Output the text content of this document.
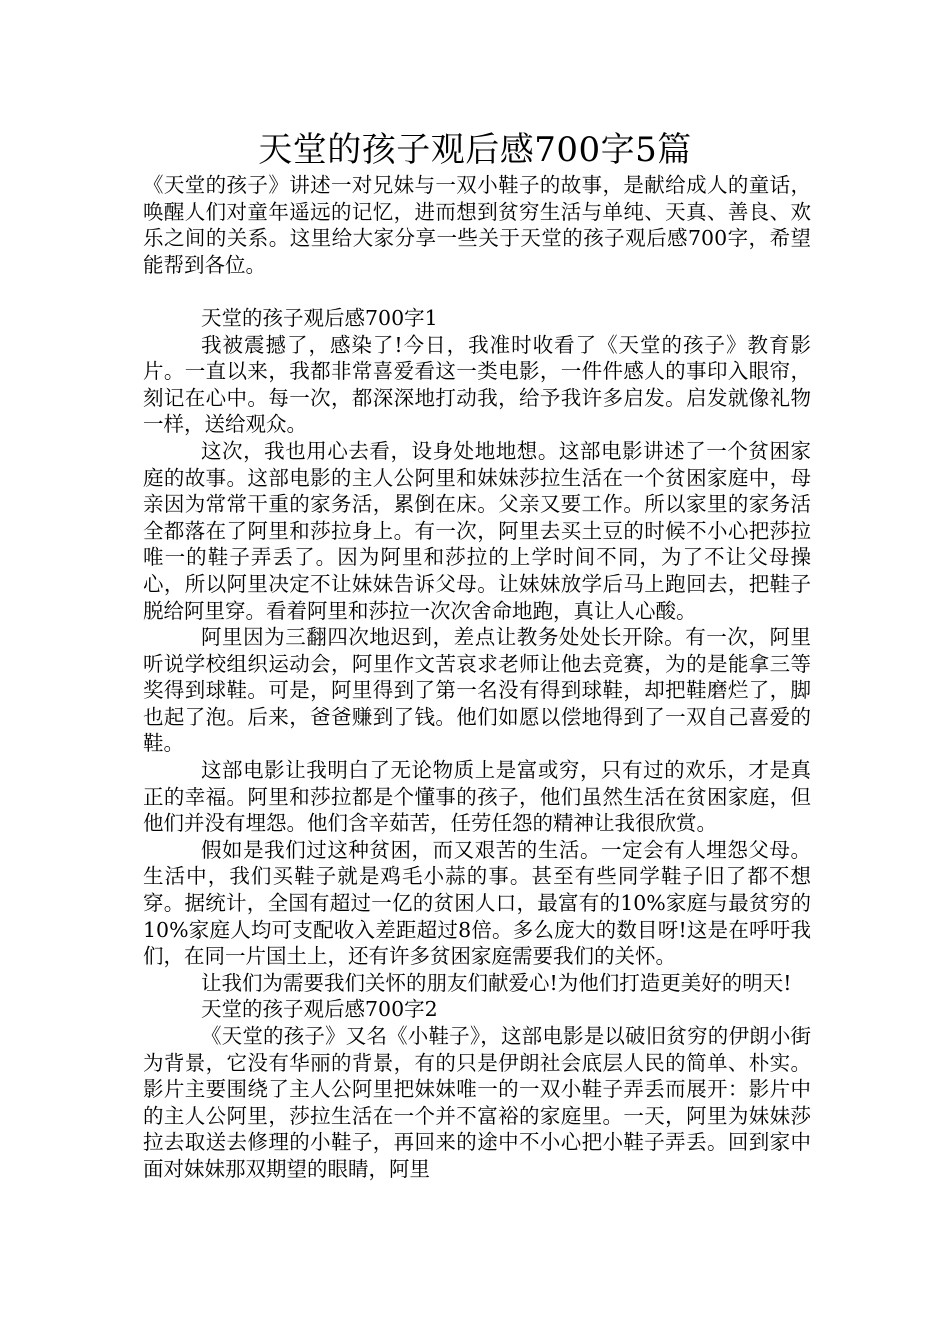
天堂的孩子观后感700字5篇

《天堂的孩子》讲述一对兄妹与一双小鞋子的故事，是献给成人的童话，唤醒人们对童年遥远的记忆，进而想到贫穷生活与单纯、天真、善良、欢乐之间的关系。这里给大家分享一些关于天堂的孩子观后感700字，希望能帮到各位。

天堂的孩子观后感700字1

我被震撼了，感染了!今日，我准时收看了《天堂的孩子》教育影片。一直以来，我都非常喜爱看这一类电影，一件件感人的事印入眼帘，刻记在心中。每一次，都深深地打动我，给予我许多启发。启发就像礼物一样，送给观众。

这次，我也用心去看，设身处地地想。这部电影讲述了一个贫困家庭的故事。这部电影的主人公阿里和妹妹莎拉生活在一个贫困家庭中，母亲因为常常干重的家务活，累倒在床。父亲又要工作。所以家里的家务活全都落在了阿里和莎拉身上。有一次，阿里去买土豆的时候不小心把莎拉唯一的鞋子弄丢了。因为阿里和莎拉的上学时间不同，为了不让父母操心，所以阿里决定不让妹妹告诉父母。让妹妹放学后马上跑回去，把鞋子脱给阿里穿。看着阿里和莎拉一次次舍命地跑，真让人心酸。

阿里因为三翻四次地迟到，差点让教务处处长开除。有一次，阿里听说学校组织运动会，阿里作文苦哀求老师让他去竞赛，为的是能拿三等奖得到球鞋。可是，阿里得到了第一名没有得到球鞋，却把鞋磨烂了，脚也起了泡。后来，爸爸赚到了钱。他们如愿以偿地得到了一双自己喜爱的鞋。

这部电影让我明白了无论物质上是富或穷，只有过的欢乐，才是真正的幸福。阿里和莎拉都是个懂事的孩子，他们虽然生活在贫困家庭，但他们并没有埋怨。他们含辛茹苦，任劳任怨的精神让我很欣赏。

假如是我们过这种贫困，而又艰苦的生活。一定会有人埋怨父母。生活中，我们买鞋子就是鸡毛小蒜的事。甚至有些同学鞋子旧了都不想穿。据统计，全国有超过一亿的贫困人口，最富有的10%家庭与最贫穷的10%家庭人均可支配收入差距超过8倍。多么庞大的数目呀!这是在呼吁我们，在同一片国土上，还有许多贫困家庭需要我们的关怀。

让我们为需要我们关怀的朋友们献爱心!为他们打造更美好的明天!

天堂的孩子观后感700字2

《天堂的孩子》又名《小鞋子》，这部电影是以破旧贫穷的伊朗小街为背景，它没有华丽的背景，有的只是伊朗社会底层人民的简单、朴实。影片主要围绕了主人公阿里把妹妹唯一的一双小鞋子弄丢而展开：影片中的主人公阿里，莎拉生活在一个并不富裕的家庭里。一天，阿里为妹妹莎拉去取送去修理的小鞋子，再回来的途中不小心把小鞋子弄丢。回到家中面对妹妹那双期望的眼睛，阿里
